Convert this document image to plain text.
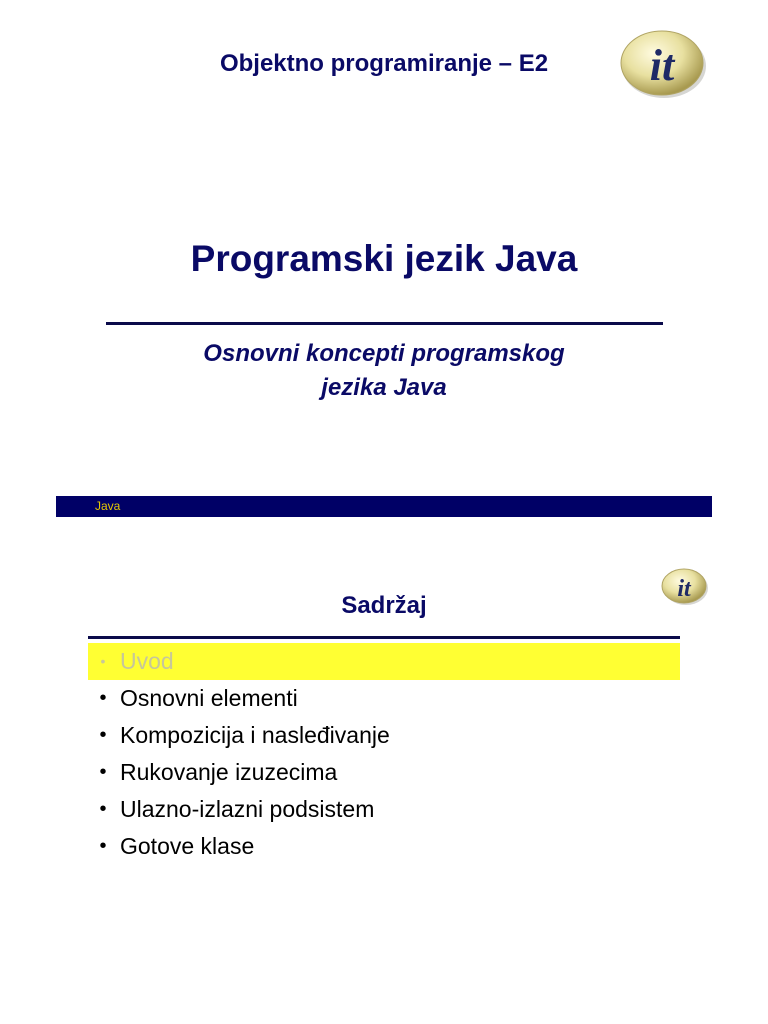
Objektno programiranje – E2	it
Programski jezik Java

Osnovni koncepti programskog
jezika Java

Java
it
Sadržaj
• Uvod
• Osnovni elementi
• Kompozicija i nasleđivanje
• Rukovanje izuzecima
• Ulazno-izlazni podsistem
• Gotove klase
